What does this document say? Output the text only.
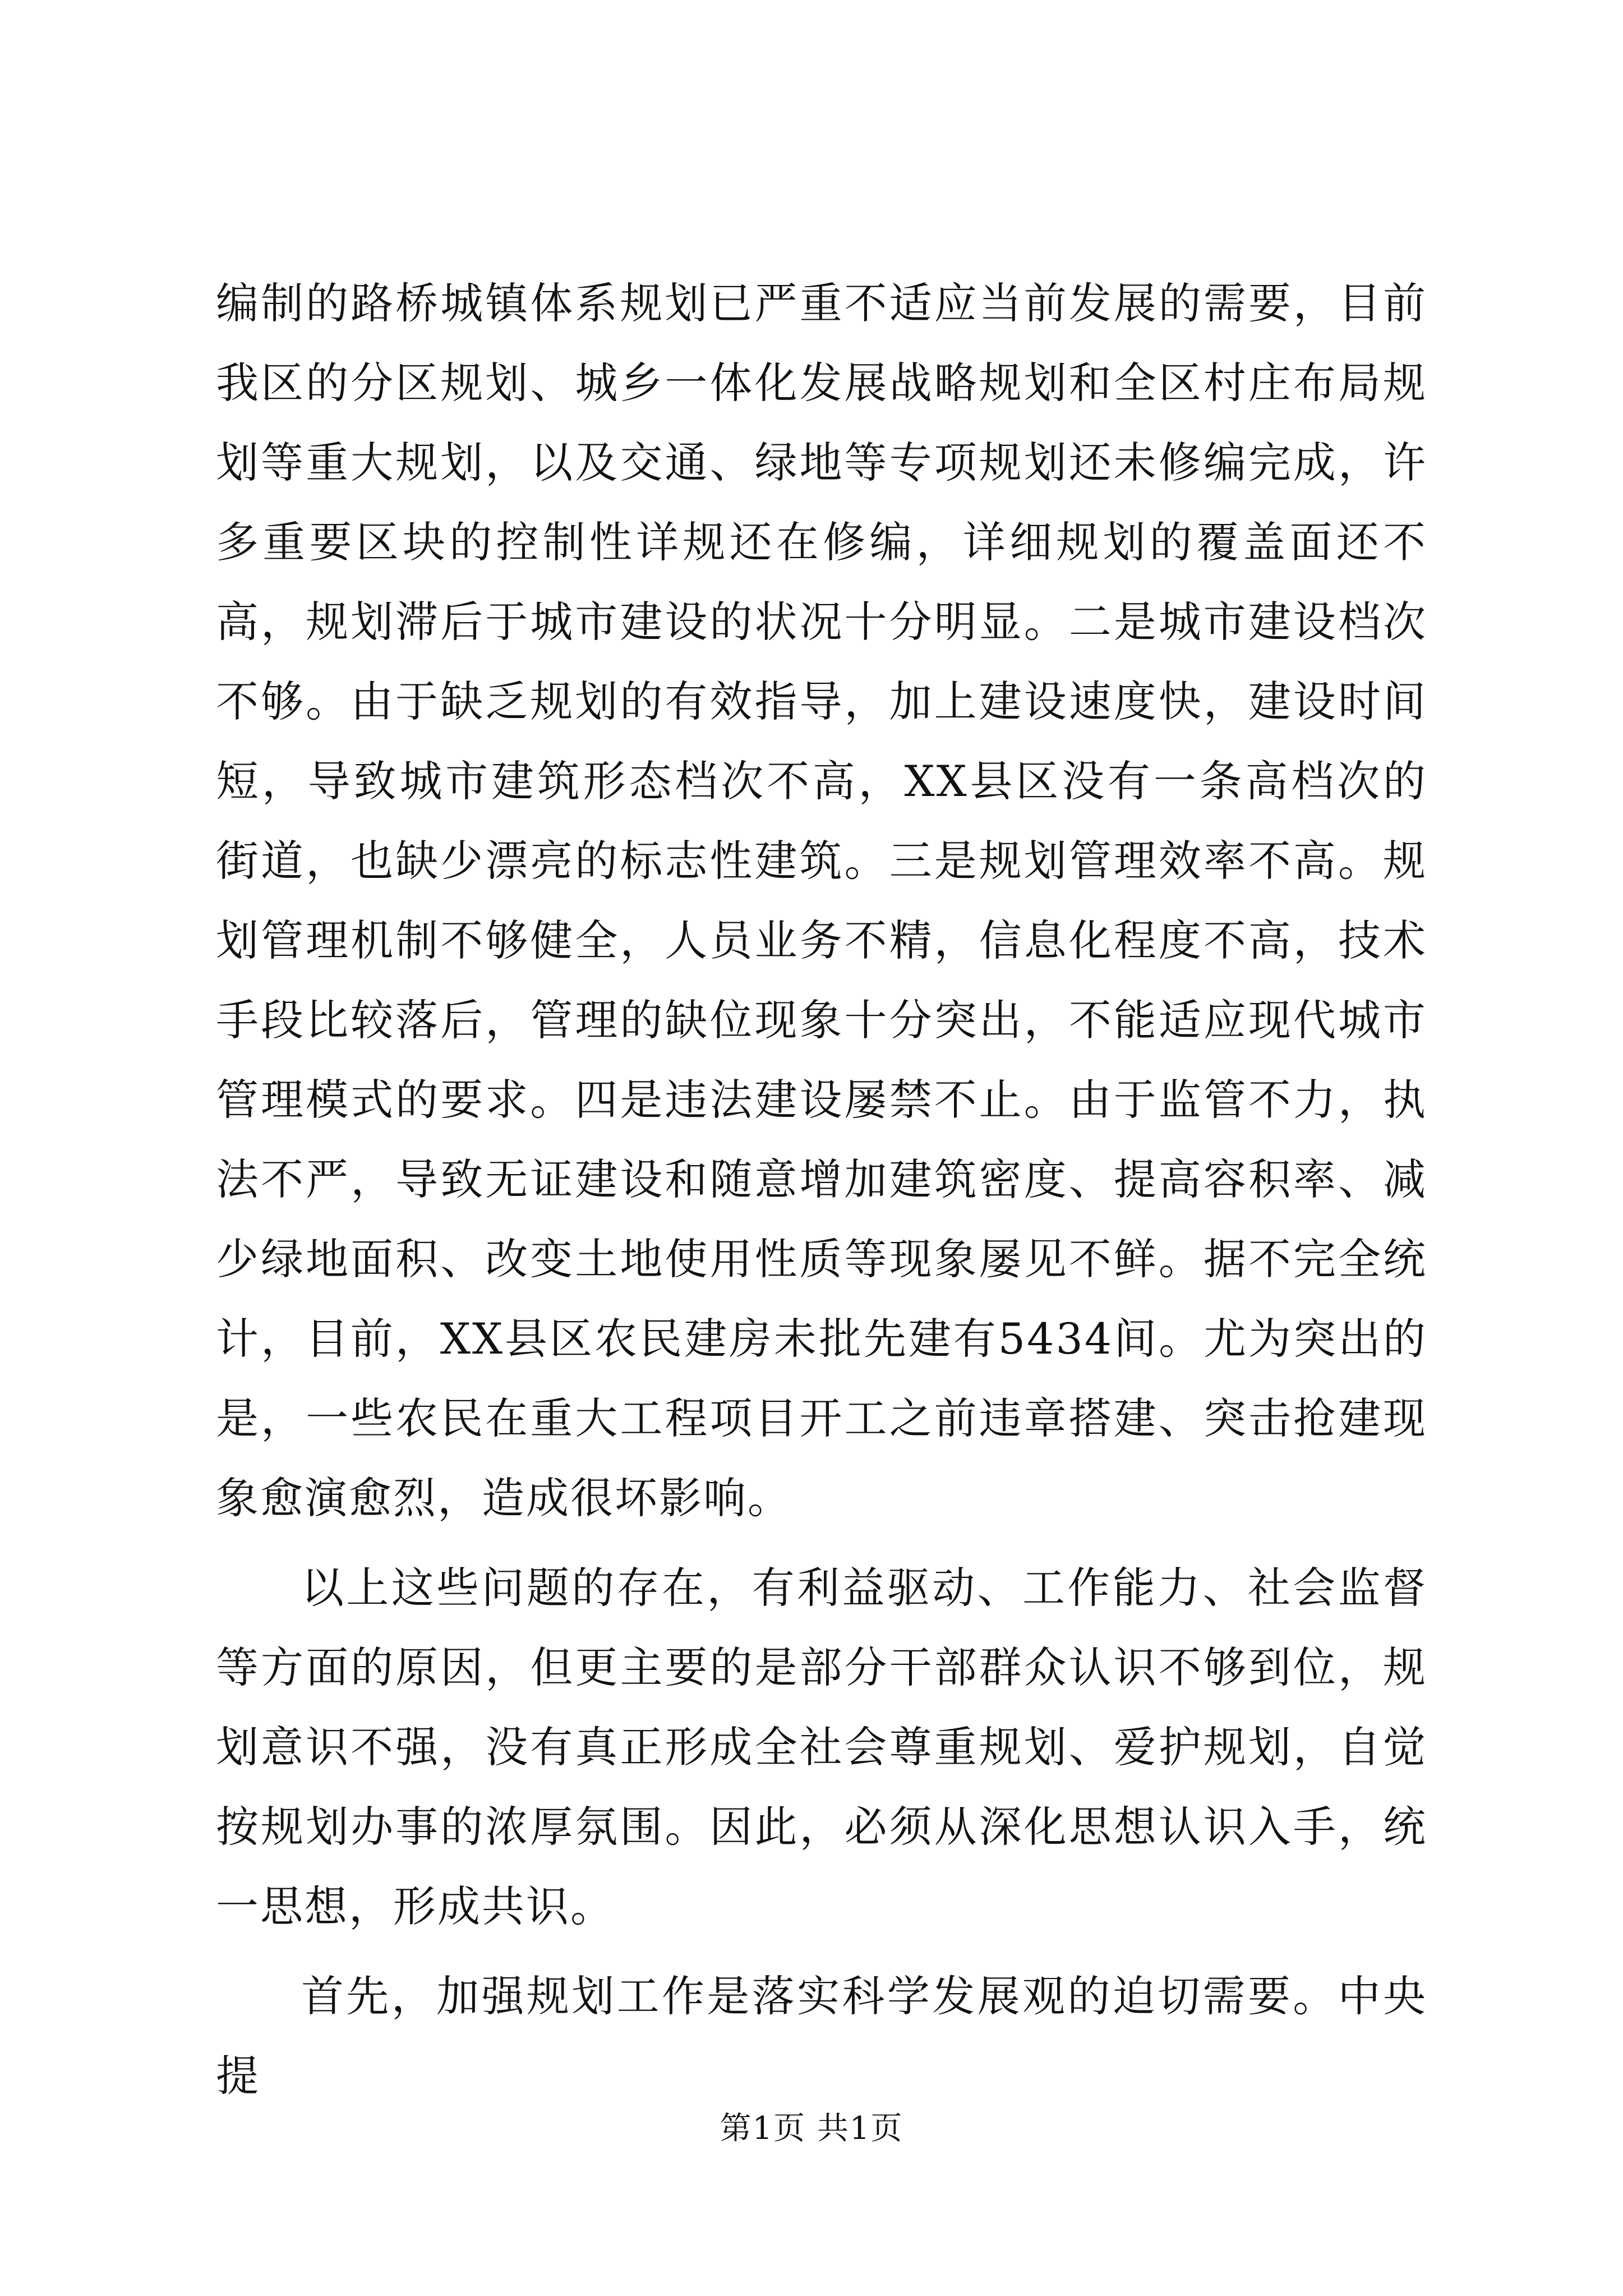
编制的路桥城镇体系规划已严重不适应当前发展的需要，目前我区的分区规划、城乡一体化发展战略规划和全区村庄布局规划等重大规划，以及交通、绿地等专项规划还未修编完成，许多重要区块的控制性详规还在修编，详细规划的覆盖面还不高，规划滞后于城市建设的状况十分明显。二是城市建设档次不够。由于缺乏规划的有效指导，加上建设速度快，建设时间短，导致城市建筑形态档次不高，XX县区没有一条高档次的街道，也缺少漂亮的标志性建筑。三是规划管理效率不高。规划管理机制不够健全，人员业务不精，信息化程度不高，技术手段比较落后，管理的缺位现象十分突出，不能适应现代城市管理模式的要求。四是违法建设屡禁不止。由于监管不力，执法不严，导致无证建设和随意增加建筑密度、提高容积率、减少绿地面积、改变土地使用性质等现象屡见不鲜。据不完全统计，目前，XX县区农民建房未批先建有5434间。尤为突出的是，一些农民在重大工程项目开工之前违章搭建、突击抢建现象愈演愈烈，造成很坏影响。

以上这些问题的存在，有利益驱动、工作能力、社会监督等方面的原因，但更主要的是部分干部群众认识不够到位，规划意识不强，没有真正形成全社会尊重规划、爱护规划，自觉按规划办事的浓厚氛围。因此，必须从深化思想认识入手，统一思想，形成共识。

首先，加强规划工作是落实科学发展观的迫切需要。中央提

第1页 共1页
